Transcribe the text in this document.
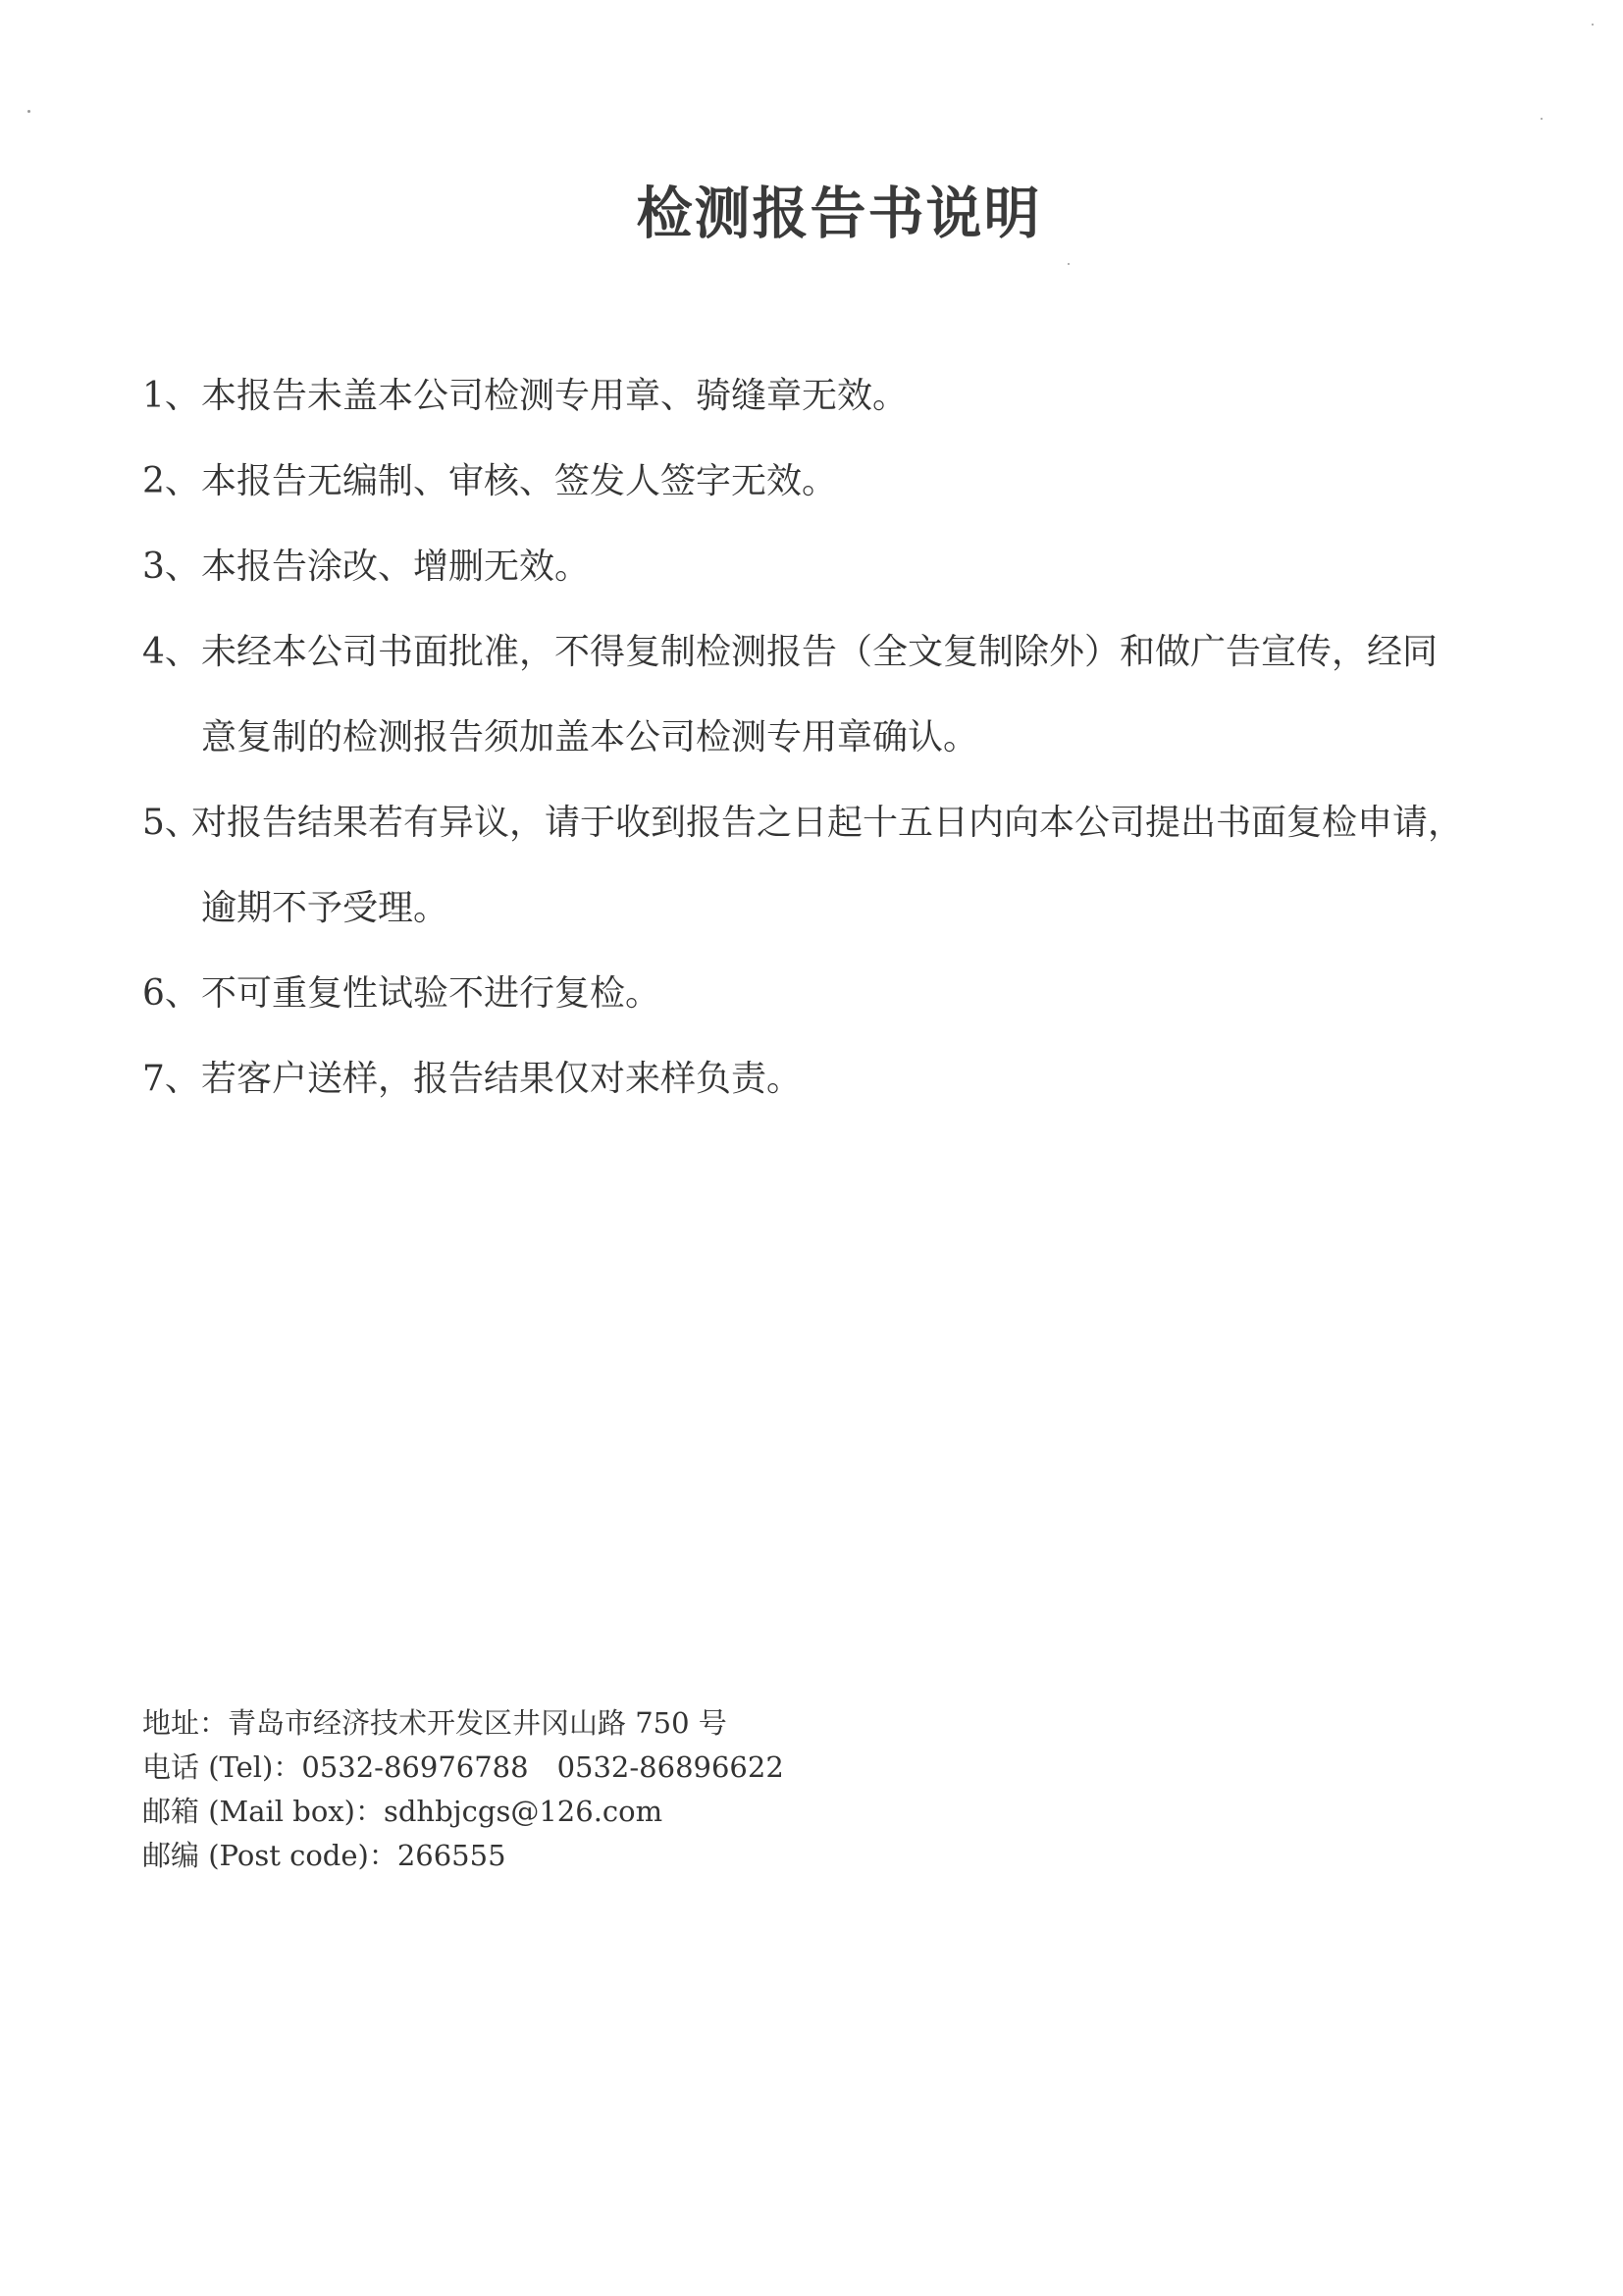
检测报告书说明
1、 本报告未盖本公司检测专用章、骑缝章无效。
2、 本报告无编制、审核、签发人签字无效。
3、 本报告涂改、增删无效。
4、 未经本公司书面批准，不得复制检测报告（全文复制除外）和做广告宣传，经同
意复制的检测报告须加盖本公司检测专用章确认。
5、
对报告结果若有异议，请于收到报告之日起十五日内向本公司提出书面复检申请，
逾期不予受理。
6、 不可重复性试验不进行复检。
7、 若客户送样，报告结果仅对来样负责。
地址：青岛市经济技术开发区井冈山路 750 号
电话 (Tel)：0532-86976788　0532-86896622
邮箱 (Mail box)：sdhbjcgs@126.com
邮编 (Post code)：266555
